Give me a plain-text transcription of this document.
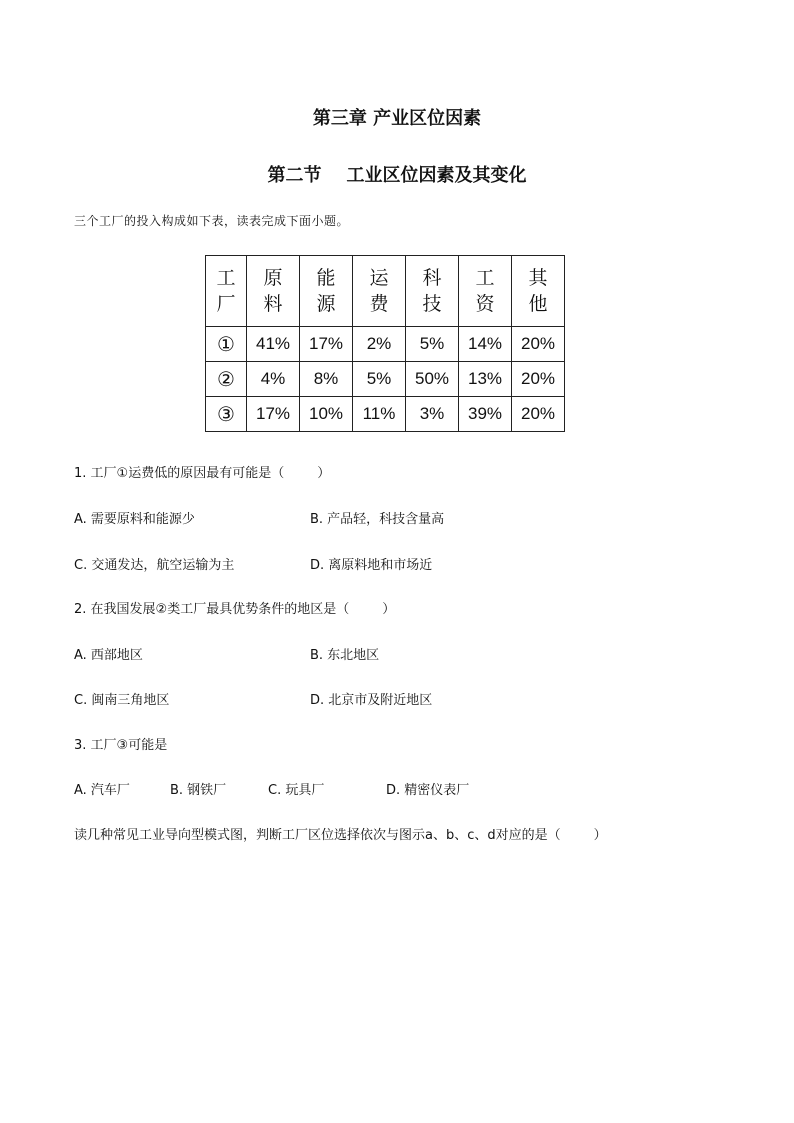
第三章 产业区位因素
第二节    工业区位因素及其变化
三个工厂的投入构成如下表，读表完成下面小题。
工厂	原料	能源	运费	科技	工资	其他

①	41%	17%	2%	5%	14%	20%
②	4%	8%	5%	50%	13%	20%
③	17%	10%	11%	3%	39%	20%
1. 工厂①运费低的原因最有可能是（        ）
A. 需要原料和能源少	B. 产品轻，科技含量高
C. 交通发达，航空运输为主	D. 离原料地和市场近
2. 在我国发展②类工厂最具优势条件的地区是（        ）
A. 西部地区	B. 东北地区
C. 闽南三角地区	D. 北京市及附近地区
3. 工厂③可能是
A. 汽车厂	B. 钢铁厂	C. 玩具厂	D. 精密仪表厂
读几种常见工业导向型模式图，判断工厂区位选择依次与图示a、b、c、d对应的是（        ）
